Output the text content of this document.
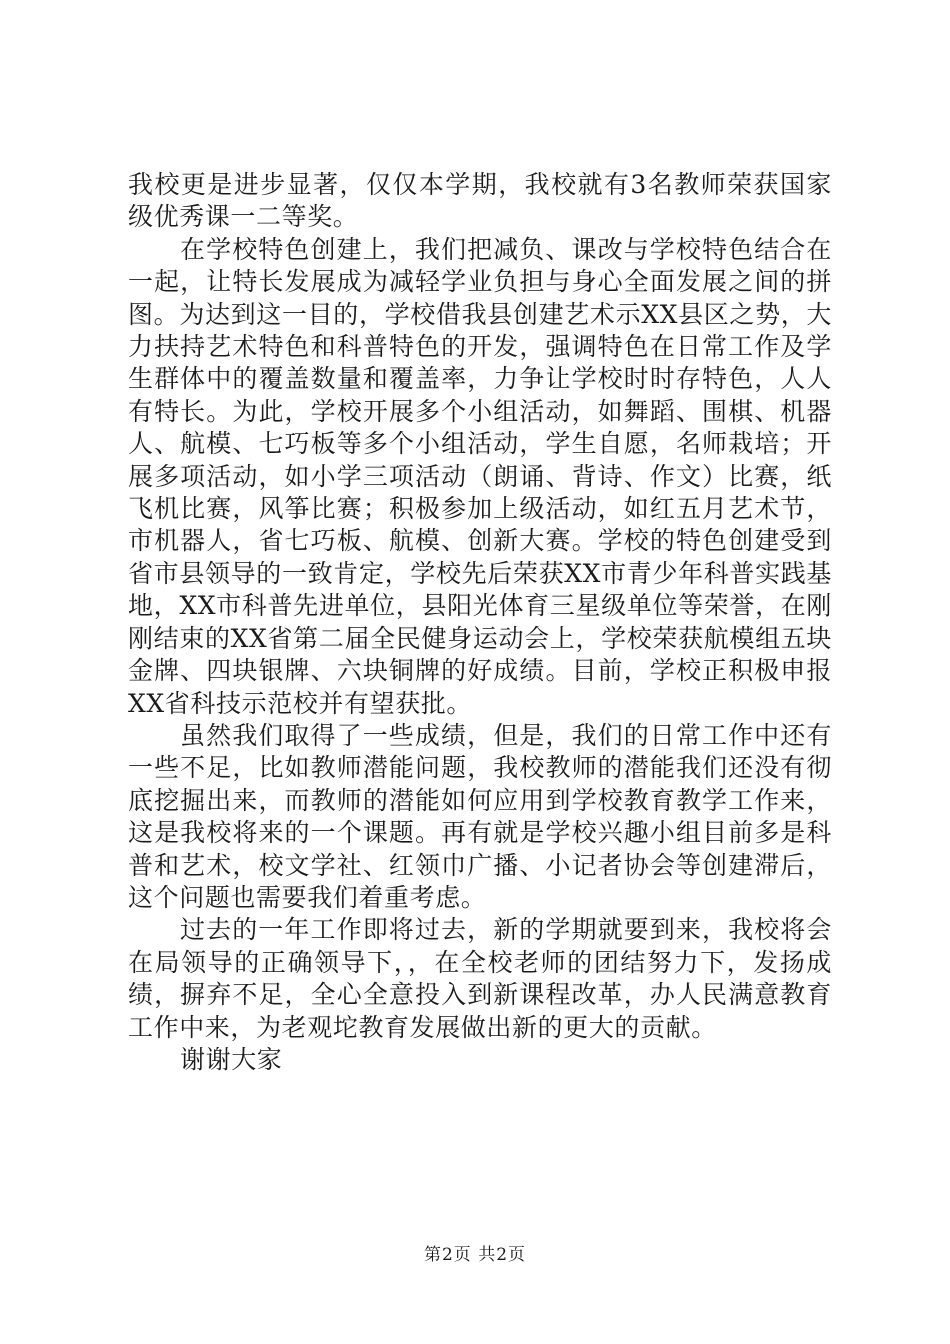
我校更是进步显著，仅仅本学期，我校就有3名教师荣获国家级优秀课一二等奖。

在学校特色创建上，我们把减负、课改与学校特色结合在一起，让特长发展成为减轻学业负担与身心全面发展之间的拼图。为达到这一目的，学校借我县创建艺术示XX县区之势，大力扶持艺术特色和科普特色的开发，强调特色在日常工作及学生群体中的覆盖数量和覆盖率，力争让学校时时存特色，人人有特长。为此，学校开展多个小组活动，如舞蹈、围棋、机器人、航模、七巧板等多个小组活动，学生自愿，名师栽培；开展多项活动，如小学三项活动（朗诵、背诗、作文）比赛，纸飞机比赛，风筝比赛；积极参加上级活动，如红五月艺术节，市机器人，省七巧板、航模、创新大赛。学校的特色创建受到省市县领导的一致肯定，学校先后荣获XX市青少年科普实践基地，XX市科普先进单位，县阳光体育三星级单位等荣誉，在刚刚结束的XX省第二届全民健身运动会上，学校荣获航模组五块金牌、四块银牌、六块铜牌的好成绩。目前，学校正积极申报XX省科技示范校并有望获批。

虽然我们取得了一些成绩，但是，我们的日常工作中还有一些不足，比如教师潜能问题，我校教师的潜能我们还没有彻底挖掘出来，而教师的潜能如何应用到学校教育教学工作来，这是我校将来的一个课题。再有就是学校兴趣小组目前多是科普和艺术，校文学社、红领巾广播、小记者协会等创建滞后，这个问题也需要我们着重考虑。

过去的一年工作即将过去，新的学期就要到来，我校将会在局领导的正确领导下，，在全校老师的团结努力下，发扬成绩，摒弃不足，全心全意投入到新课程改革，办人民满意教育工作中来，为老观坨教育发展做出新的更大的贡献。

谢谢大家

第2页 共2页
